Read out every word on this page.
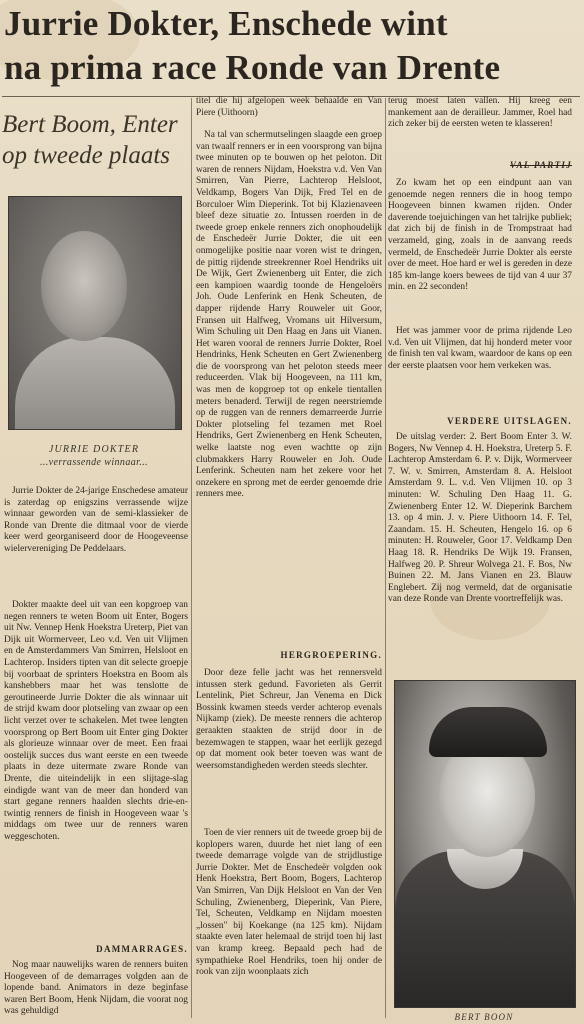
Jurrie Dokter, Enschede wint
na prima race Ronde van Drente
Bert Boom, Enter
op tweede plaats
JURRIE DOKTER
...verrassende winnaar...

Jurrie Dokter de 24-jarige Enschedese amateur is zaterdag op enigszins verrassende wijze winnaar geworden van de semi-klassieker de Ronde van Drente die ditmaal voor de vierde keer werd georganiseerd door de Hoogeveense wielervereniging De Peddelaars.

Dokter maakte deel uit van een kopgroep van negen renners te weten Boom uit Enter, Bogers uit Nw. Vennep Henk Hoekstra Ureterp, Piet van Dijk uit Wormerveer, Leo v.d. Ven uit Vlijmen en de Amsterdammers Van Smirren, Helsloot en Lachterop. Insiders tipten van dit selecte groepje bij voorbaat de sprinters Hoekstra en Boom als kanshebbers maar het was tenslotte de geroutineerde Jurrie Dokter die als winnaar uit de strijd kwam door plotseling van zwaar op een licht verzet over te schakelen. Met twee lengten voorsprong op Bert Boom uit Enter ging Dokter als glorieuze winnaar over de meet. Een fraai oostelijk succes dus want eerste en een tweede plaats in deze uitermate zware Ronde van Drente, die uiteindelijk in een slijtage-slag eindigde want van de meer dan honderd van start gegane renners haalden slechts drie-en-twintig renners de finish in Hoogeveen waar 's middags om twee uur de renners waren weggeschoten.

DAMMARRAGES.

Nog maar nauwelijks waren de renners buiten Hoogeveen of de demarrages volgden aan de lopende band. Animators in deze beginfase waren Bert Boom, Henk Nijdam, die voorat nog was gehuldigd

titel die hij afgelopen week behaalde en Van Piere (Uithoorn)

Na tal van schermutselingen slaagde een groep van twaalf renners er in een voorsprong van bijna twee minuten op te bouwen op het peloton. Dit waren de renners Nijdam, Hoekstra v.d. Ven Van Smirren, Van Pierre, Lachterop Helsloot, Veldkamp, Bogers Van Dijk, Fred Tel en de Borculoer Wim Dieperink. Tot bij Klazienaveen bleef deze situatie zo. Intussen roerden in de tweede groep enkele renners zich onophoudelijk de Enschedeër Jurrie Dokter, die uit een onmogelijke positie naar voren wist te dringen, de pittig rijdende streekrenner Roel Hendriks uit De Wijk, Gert Zwienenberg uit Enter, die zich een kampioen waardig toonde de Hengeloërs Joh. Oude Lenferink en Henk Scheuten, de dapper rijdende Harry Rouweler uit Goor, Fransen uit Halfweg, Vromans uit Hilversum, Wim Schuling uit Den Haag en Jans uit Vianen. Het waren vooral de renners Jurrie Dokter, Roel Hendrinks, Henk Scheuten en Gert Zwienenberg die de voorsprong van het peloton steeds meer reduceerden. Vlak bij Hoogeveen, na 111 km, was men de kopgroep tot op enkele tientallen meters benaderd. Terwijl de regen neerstriemde op de ruggen van de renners demarreerde Jurrie Dokter plotseling fel tezamen met Roel Hendriks, Gert Zwienenberg en Henk Scheuten, welke laatste nog even wachtte op zijn clubmakkers Harry Rouweler en Joh. Oude Lenferink. Scheuten nam het zekere voor het onzekere en sprong met de eerder genoemde drie renners mee.

HERGROEPERING.

Door deze felle jacht was het rennersveld intussen sterk gedund. Favorieten als Gerrit Lentelink, Piet Schreur, Jan Venema en Dick Bossink kwamen steeds verder achterop evenals Nijkamp (ziek). De meeste renners die achterop geraakten staakten de strijd door in de bezemwagen te stappen, waar het eerlijk gezegd op dat moment ook beter toeven was want de weersomstandigheden werden steeds slechter.

Toen de vier renners uit de tweede groep bij de koplopers waren, duurde het niet lang of een tweede demarrage volgde van de strijdlustige Jurrie Dokter. Met de Enschedeër volgden ook Henk Hoekstra, Bert Boom, Bogers, Lachterop Van Smirren, Van Dijk Helsloot en Van der Ven Schuling, Zwienenberg, Dieperink, Van Piere, Tel, Scheuten, Veldkamp en Nijdam moesten „lossen" bij Koekange (na 125 km). Nijdam staakte even later helemaal de strijd toen hij last van kramp kreeg. Bepaald pech had de sympathieke Roel Hendriks, toen hij onder de rook van zijn woonplaats zich

terug moest laten vallen. Hij kreeg een mankement aan de derailleur. Jammer, Roel had zich zeker bij de eersten weten te klasseren!

VAL PARTIJ

Zo kwam het op een eindpunt aan van genoemde negen renners die in hoog tempo Hoogeveen binnen kwamen rijden. Onder daverende toejuichingen van het talrijke publiek; dat zich bij de finish in de Trompstraat had verzameld, ging, zoals in de aanvang reeds vermeld, de Enschedeër Jurrie Dokter als eerste over de meet. Hoe hard er wel is gereden in deze 185 km-lange koers bewees de tijd van 4 uur 37 min. en 22 seconden!

Het was jammer voor de prima rijdende Leo v.d. Ven uit Vlijmen, dat hij honderd meter voor de finish ten val kwam, waardoor de kans op een der eerste plaatsen voor hem verkeken was.

VERDERE UITSLAGEN.

De uitslag verder: 2. Bert Boom Enter 3. W. Bogers, Nw Vennep 4. H. Hoekstra, Ureterp 5. F. Lachterop Amsterdam 6. P. v. Dijk, Wormerveer 7. W. v. Smirren, Amsterdam 8. A. Helsloot Amsterdam 9. L. v.d. Ven Vlijmen 10. op 3 minuten: W. Schuling Den Haag 11. G. Zwienenberg Enter 12. W. Dieperink Barchem 13. op 4 min. J. v. Piere Uithoorn 14. F. Tel, Zaandam. 15. H. Scheuten, Hengelo 16. op 6 minuten: H. Rouweler, Goor 17. Veldkamp Den Haag 18. R. Hendriks De Wijk 19. Fransen, Halfweg 20. P. Shreur Wolvega 21. F. Bos, Nw Buinen 22. M. Jans Vianen en 23. Blauw Englebert. Zij nog vermeld, dat de organisatie van deze Ronde van Drente voortreffelijk was.

BERT BOON
